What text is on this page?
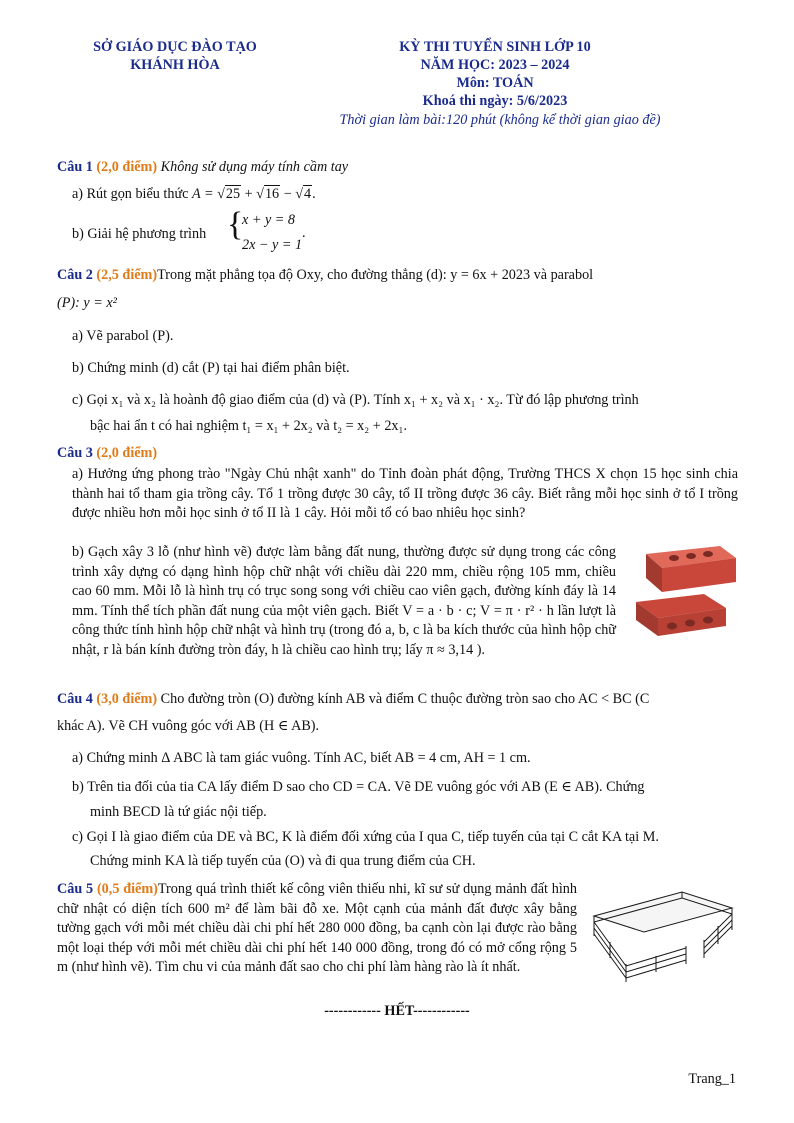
SỞ GIÁO DỤC ĐÀO TẠO
KHÁNH HÒA
KỲ THI TUYỂN SINH LỚP 10
NĂM HỌC: 2023 – 2024
Môn: TOÁN
Khoá thi ngày: 5/6/2023
Thời gian làm bài:120 phút (không kể thời gian giao đề)
Câu 1 (2,0 điểm) Không sử dụng máy tính cầm tay
a) Rút gọn biểu thức A = √25 + √16 − √4.
b) Giải hệ phương trình {
x + y = 8
2x − y = 1
.
Câu 2 (2,5 điểm)Trong mặt phẳng tọa độ Oxy, cho đường thẳng (d): y = 6x + 2023 và parabol
(P): y = x²
a) Vẽ parabol (P).
b) Chứng minh (d) cắt (P) tại hai điểm phân biệt.
c) Gọi x₁ và x₂ là hoành độ giao điểm của (d) và (P). Tính x₁ + x₂ và x₁ · x₂. Từ đó lập phương trình
bậc hai ẩn t có hai nghiệm t₁ = x₁ + 2x₂ và t₂ = x₂ + 2x₁.
Câu 3 (2,0 điểm)
a) Hưởng ứng phong trào "Ngày Chủ nhật xanh" do Tỉnh đoàn phát động, Trường THCS X chọn 15 học sinh chia thành hai tổ tham gia trồng cây. Tổ 1 trồng được 30 cây, tổ II trồng được 36 cây. Biết rằng mỗi học sinh ở tổ I trồng được nhiều hơn mỗi học sinh ở tổ II là 1 cây. Hỏi mỗi tổ có bao nhiêu học sinh?
b) Gạch xây 3 lỗ (như hình vẽ) được làm bằng đất nung, thường được sử dụng trong các công trình xây dựng có dạng hình hộp chữ nhật với chiều dài 220 mm, chiều rộng 105 mm, chiều cao 60 mm. Mỗi lỗ là hình trụ có trục song song với chiều cao viên gạch, đường kính đáy là 14 mm. Tính thể tích phần đất nung của một viên gạch. Biết V = a · b · c; V = π · r² · h lần lượt là công thức tính hình hộp chữ nhật và hình trụ (trong đó a, b, c là ba kích thước của hình hộp chữ nhật, r là bán kính đường tròn đáy, h là chiều cao hình trụ; lấy π ≈ 3,14 ).
Câu 4 (3,0 điểm) Cho đường tròn (O) đường kính AB và điểm C thuộc đường tròn sao cho AC < BC (C
khác A). Vẽ CH vuông góc với AB (H ∈ AB).
a) Chứng minh Δ ABC là tam giác vuông. Tính AC, biết AB = 4 cm, AH = 1 cm.
b) Trên tia đối của tia CA lấy điểm D sao cho CD = CA. Vẽ DE vuông góc với AB (E ∈ AB). Chứng
minh BECD là tứ giác nội tiếp.
c) Gọi I là giao điểm của DE và BC, K là điểm đối xứng của I qua C, tiếp tuyến của tại C cắt KA tại M.
Chứng minh KA là tiếp tuyến của (O) và đi qua trung điểm của CH.
Câu 5 (0,5 điểm)Trong quá trình thiết kế công viên thiếu nhi, kĩ sư sử dụng mảnh đất hình chữ nhật có diện tích 600 m² để làm bãi đỗ xe. Một cạnh của mảnh đất được xây bằng tường gạch với mỗi mét chiều dài chi phí hết 280 000 đồng, ba cạnh còn lại được rào bằng một loại thép với mỗi mét chiều dài chi phí hết 140 000 đồng, trong đó có mở cổng rộng 5 m (như hình vẽ). Tìm chu vi của mảnh đất sao cho chi phí làm hàng rào là ít nhất.
------------ HẾT------------
Trang_1
